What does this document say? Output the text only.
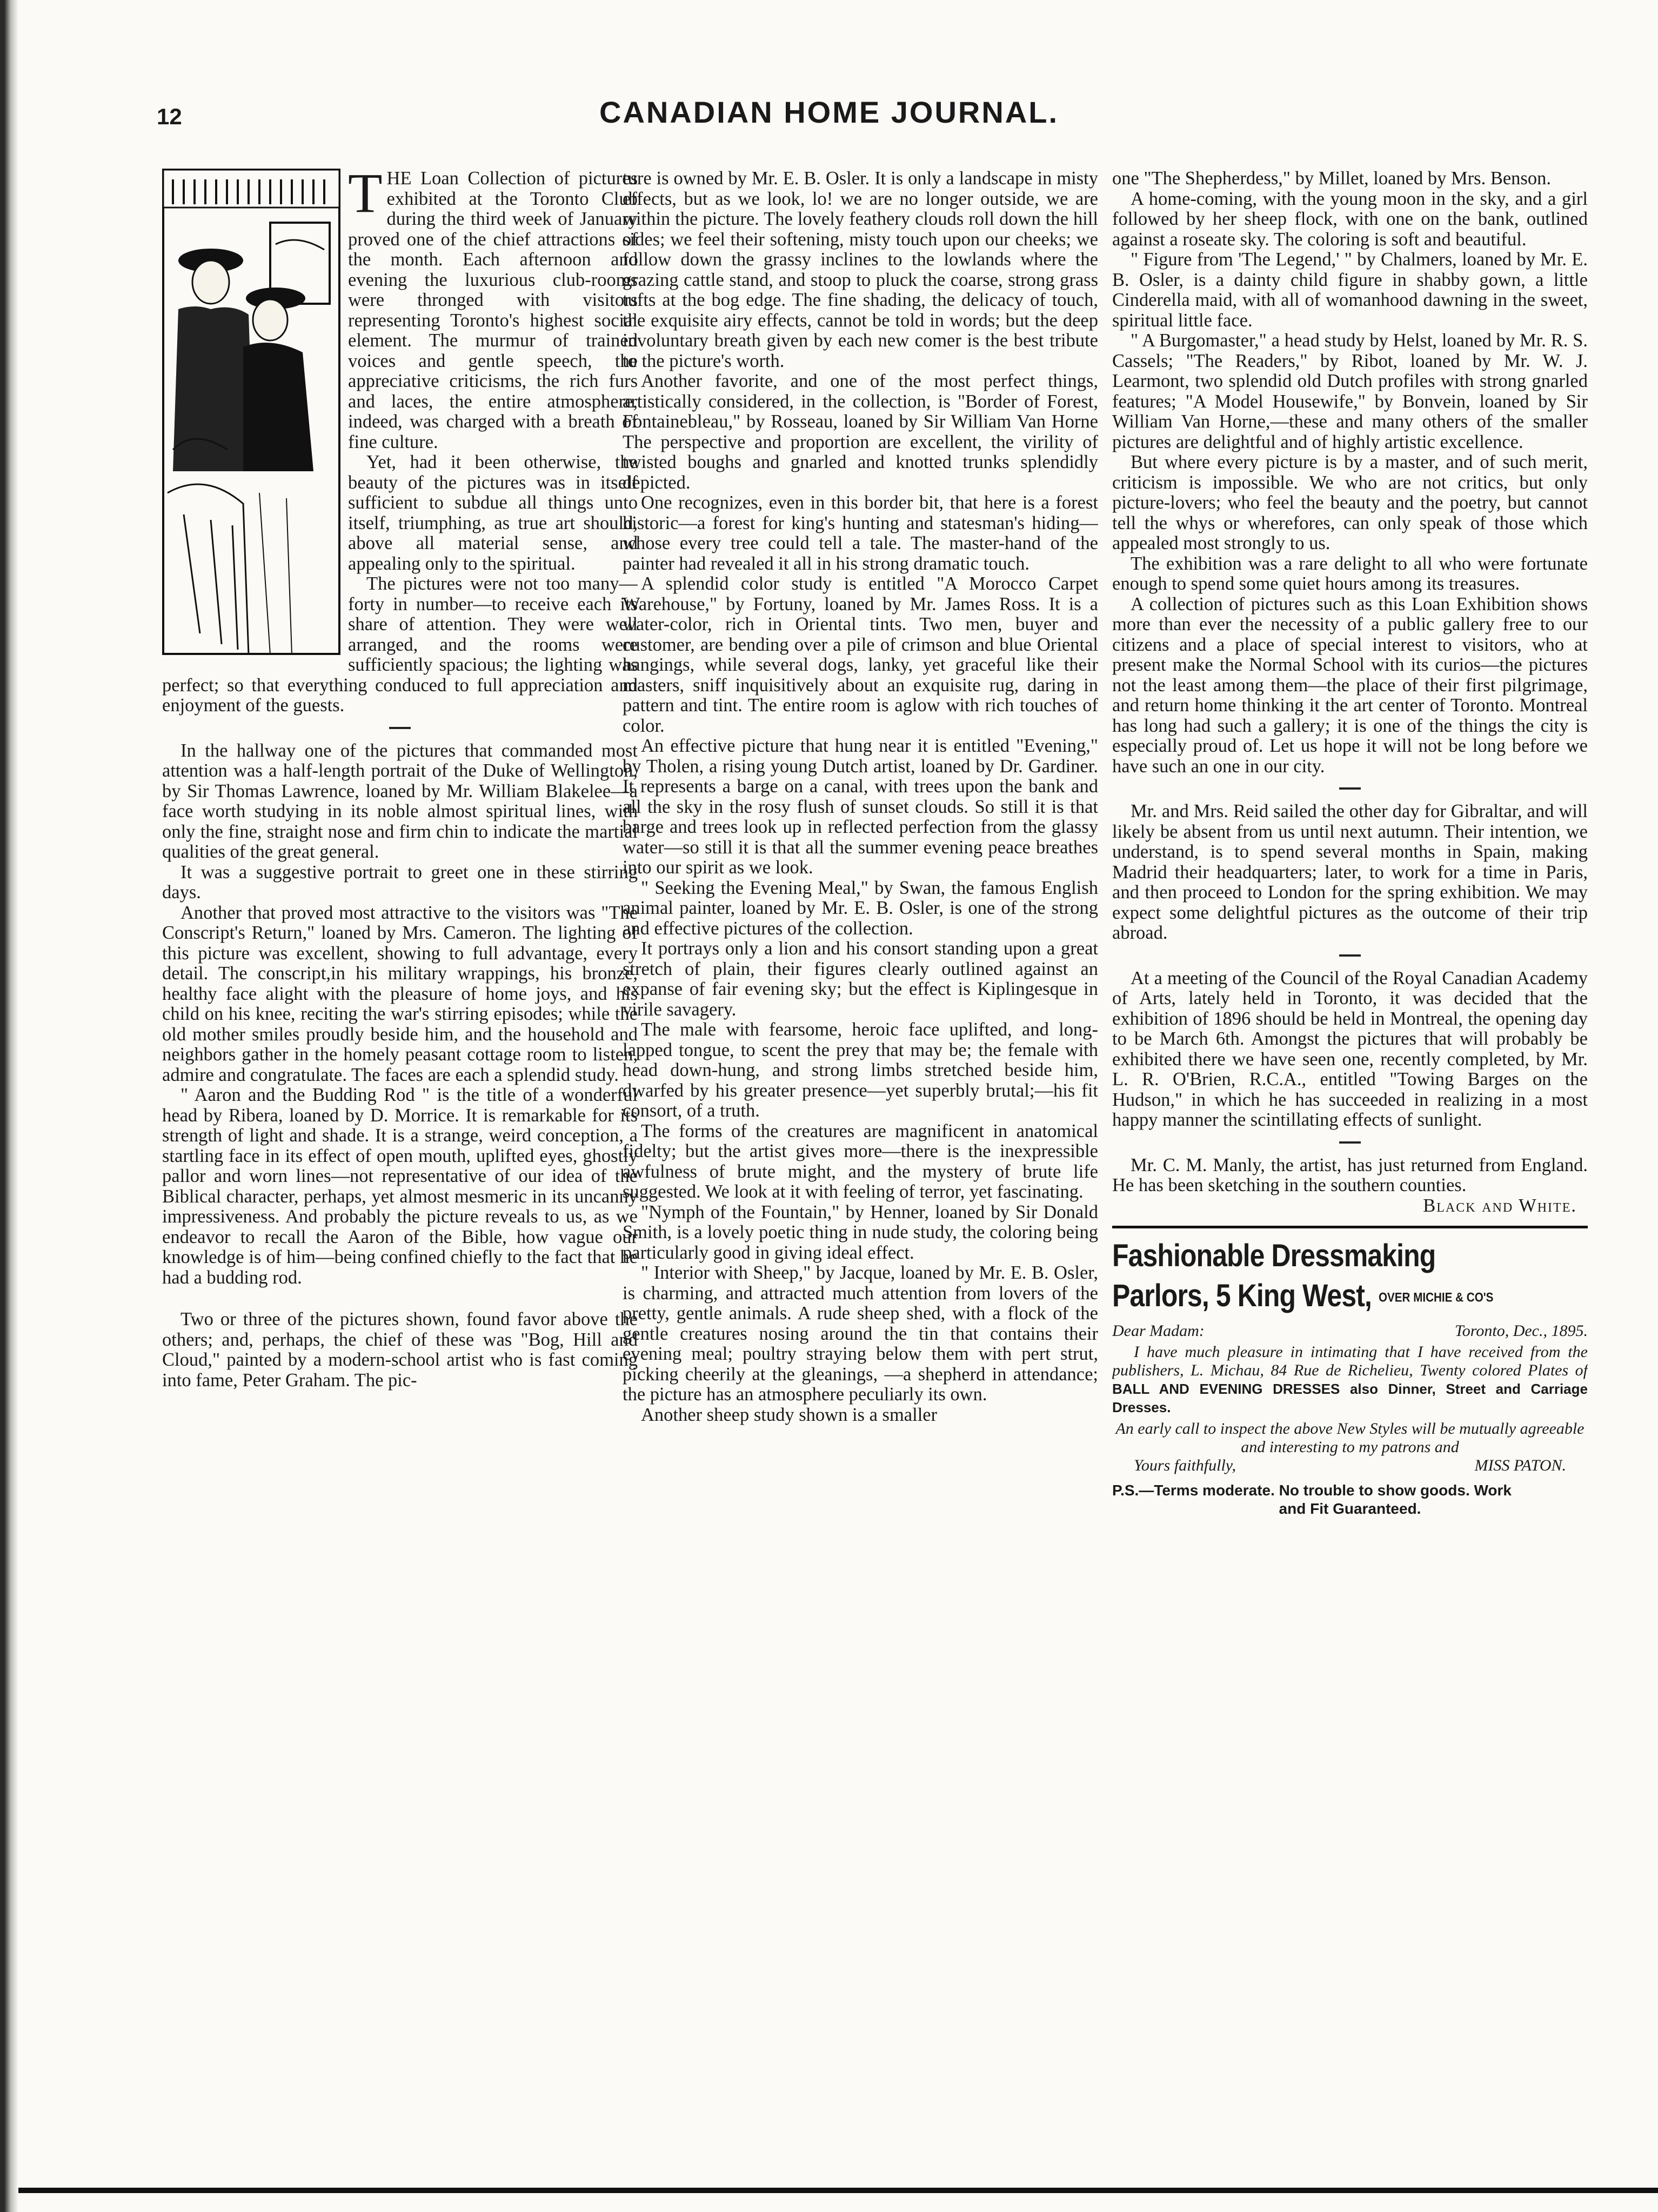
12	CANADIAN HOME JOURNAL.

THE Loan Collection of pictures exhibited at the Toronto Club during the third week of January proved one of the chief attractions of the month. Each afternoon and evening the luxurious club-rooms were thronged with visitors representing Toronto's highest social element. The murmur of trained voices and gentle speech, the appreciative criticisms, the rich furs and laces, the entire atmosphere, indeed, was charged with a breath of fine culture.

Yet, had it been otherwise, the beauty of the pictures was in itself sufficient to subdue all things unto itself, triumphing, as true art should, above all material sense, and appealing only to the spiritual.

The pictures were not too many—forty in number—to receive each its share of attention. They were well arranged, and the rooms were sufficiently spacious; the lighting was perfect; so that everything conduced to full appreciation and enjoyment of the guests.

In the hallway one of the pictures that commanded most attention was a half-length portrait of the Duke of Wellington, by Sir Thomas Lawrence, loaned by Mr. William Blakelee—a face worth studying in its noble almost spiritual lines, with only the fine, straight nose and firm chin to indicate the martial qualities of the great general.

It was a suggestive portrait to greet one in these stirring days.

Another that proved most attractive to the visitors was "The Conscript's Return," loaned by Mrs. Cameron. The lighting of this picture was excellent, showing to full advantage, every detail. The conscript,in his military wrappings, his bronze, healthy face alight with the pleasure of home joys, and his child on his knee, reciting the war's stirring episodes; while the old mother smiles proudly beside him, and the household and neighbors gather in the homely peasant cottage room to listen, admire and congratulate. The faces are each a splendid study.

" Aaron and the Budding Rod " is the title of a wonderful head by Ribera, loaned by D. Morrice. It is remarkable for its strength of light and shade. It is a strange, weird conception, a startling face in its effect of open mouth, uplifted eyes, ghostly pallor and worn lines—not representative of our idea of the Biblical character, perhaps, yet almost mesmeric in its uncanny impressiveness. And probably the picture reveals to us, as we endeavor to recall the Aaron of the Bible, how vague our knowledge is of him—being confined chiefly to the fact that he had a budding rod.

Two or three of the pictures shown, found favor above the others; and, perhaps, the chief of these was "Bog, Hill and Cloud," painted by a modern-school artist who is fast coming into fame, Peter Graham. The pic-

ture is owned by Mr. E. B. Osler. It is only a landscape in misty effects, but as we look, lo! we are no longer outside, we are within the picture. The lovely feathery clouds roll down the hill sides; we feel their softening, misty touch upon our cheeks; we follow down the grassy inclines to the lowlands where the grazing cattle stand, and stoop to pluck the coarse, strong grass tufts at the bog edge. The fine shading, the delicacy of touch, the exquisite airy effects, cannot be told in words; but the deep involuntary breath given by each new comer is the best tribute to the picture's worth.

Another favorite, and one of the most perfect things, artistically considered, in the collection, is "Border of Forest, Fontainebleau," by Rosseau, loaned by Sir William Van Horne The perspective and proportion are excellent, the virility of twisted boughs and gnarled and knotted trunks splendidly depicted.

One recognizes, even in this border bit, that here is a forest historic—a forest for king's hunting and statesman's hiding—whose every tree could tell a tale. The master-hand of the painter had revealed it all in his strong dramatic touch.

A splendid color study is entitled "A Morocco Carpet Warehouse," by Fortuny, loaned by Mr. James Ross. It is a water-color, rich in Oriental tints. Two men, buyer and customer, are bending over a pile of crimson and blue Oriental hangings, while several dogs, lanky, yet graceful like their masters, sniff inquisitively about an exquisite rug, daring in pattern and tint. The entire room is aglow with rich touches of color.

An effective picture that hung near it is entitled "Evening," by Tholen, a rising young Dutch artist, loaned by Dr. Gardiner. It represents a barge on a canal, with trees upon the bank and all the sky in the rosy flush of sunset clouds. So still it is that barge and trees look up in reflected perfection from the glassy water—so still it is that all the summer evening peace breathes into our spirit as we look.

" Seeking the Evening Meal," by Swan, the famous English animal painter, loaned by Mr. E. B. Osler, is one of the strong and effective pictures of the collection.

It portrays only a lion and his consort standing upon a great stretch of plain, their figures clearly outlined against an expanse of fair evening sky; but the effect is Kiplingesque in virile savagery.

The male with fearsome, heroic face uplifted, and long-lapped tongue, to scent the prey that may be; the female with head down-hung, and strong limbs stretched beside him, dwarfed by his greater presence—yet superbly brutal;—his fit consort, of a truth.

The forms of the creatures are magnificent in anatomical fidelty; but the artist gives more—there is the inexpressible awfulness of brute might, and the mystery of brute life suggested. We look at it with feeling of terror, yet fascinating.

"Nymph of the Fountain," by Henner, loaned by Sir Donald Smith, is a lovely poetic thing in nude study, the coloring being particularly good in giving ideal effect.

" Interior with Sheep," by Jacque, loaned by Mr. E. B. Osler, is charming, and attracted much attention from lovers of the pretty, gentle animals. A rude sheep shed, with a flock of the gentle creatures nosing around the tin that contains their evening meal; poultry straying below them with pert strut, picking cheerily at the gleanings, —a shepherd in attendance; the picture has an atmosphere peculiarly its own.

Another sheep study shown is a smaller

one "The Shepherdess," by Millet, loaned by Mrs. Benson.

A home-coming, with the young moon in the sky, and a girl followed by her sheep flock, with one on the bank, outlined against a roseate sky. The coloring is soft and beautiful.

" Figure from 'The Legend,' " by Chalmers, loaned by Mr. E. B. Osler, is a dainty child figure in shabby gown, a little Cinderella maid, with all of womanhood dawning in the sweet, spiritual little face.

" A Burgomaster," a head study by Helst, loaned by Mr. R. S. Cassels; "The Readers," by Ribot, loaned by Mr. W. J. Learmont, two splendid old Dutch profiles with strong gnarled features; "A Model Housewife," by Bonvein, loaned by Sir William Van Horne,—these and many others of the smaller pictures are delightful and of highly artistic excellence.

But where every picture is by a master, and of such merit, criticism is impossible. We who are not critics, but only picture-lovers; who feel the beauty and the poetry, but cannot tell the whys or wherefores, can only speak of those which appealed most strongly to us.

The exhibition was a rare delight to all who were fortunate enough to spend some quiet hours among its treasures.

A collection of pictures such as this Loan Exhibition shows more than ever the necessity of a public gallery free to our citizens and a place of special interest to visitors, who at present make the Normal School with its curios—the pictures not the least among them—the place of their first pilgrimage, and return home thinking it the art center of Toronto. Montreal has long had such a gallery; it is one of the things the city is especially proud of. Let us hope it will not be long before we have such an one in our city.

Mr. and Mrs. Reid sailed the other day for Gibraltar, and will likely be absent from us until next autumn. Their intention, we understand, is to spend several months in Spain, making Madrid their headquarters; later, to work for a time in Paris, and then proceed to London for the spring exhibition. We may expect some delightful pictures as the outcome of their trip abroad.

At a meeting of the Council of the Royal Canadian Academy of Arts, lately held in Toronto, it was decided that the exhibition of 1896 should be held in Montreal, the opening day to be March 6th. Amongst the pictures that will probably be exhibited there we have seen one, recently completed, by Mr. L. R. O'Brien, R.C.A., entitled "Towing Barges on the Hudson," in which he has succeeded in realizing in a most happy manner the scintillating effects of sunlight.

Mr. C. M. Manly, the artist, has just returned from England. He has been sketching in the southern counties.

Black and White.

Fashionable Dressmaking
Parlors, 5 King West, OVER MICHIE & CO'S
Dear Madam:	Toronto, Dec., 1895.
I have much pleasure in intimating that I have received from the publishers, L. Michau, 84 Rue de Richelieu, Twenty colored Plates of BALL AND EVENING DRESSES also Dinner, Street and Carriage Dresses.
An early call to inspect the above New Styles will be mutually agreeable and interesting to my patrons and
Yours faithfully,	MISS PATON.
P.S.—Terms moderate. No trouble to show goods. Work
and Fit Guaranteed.
